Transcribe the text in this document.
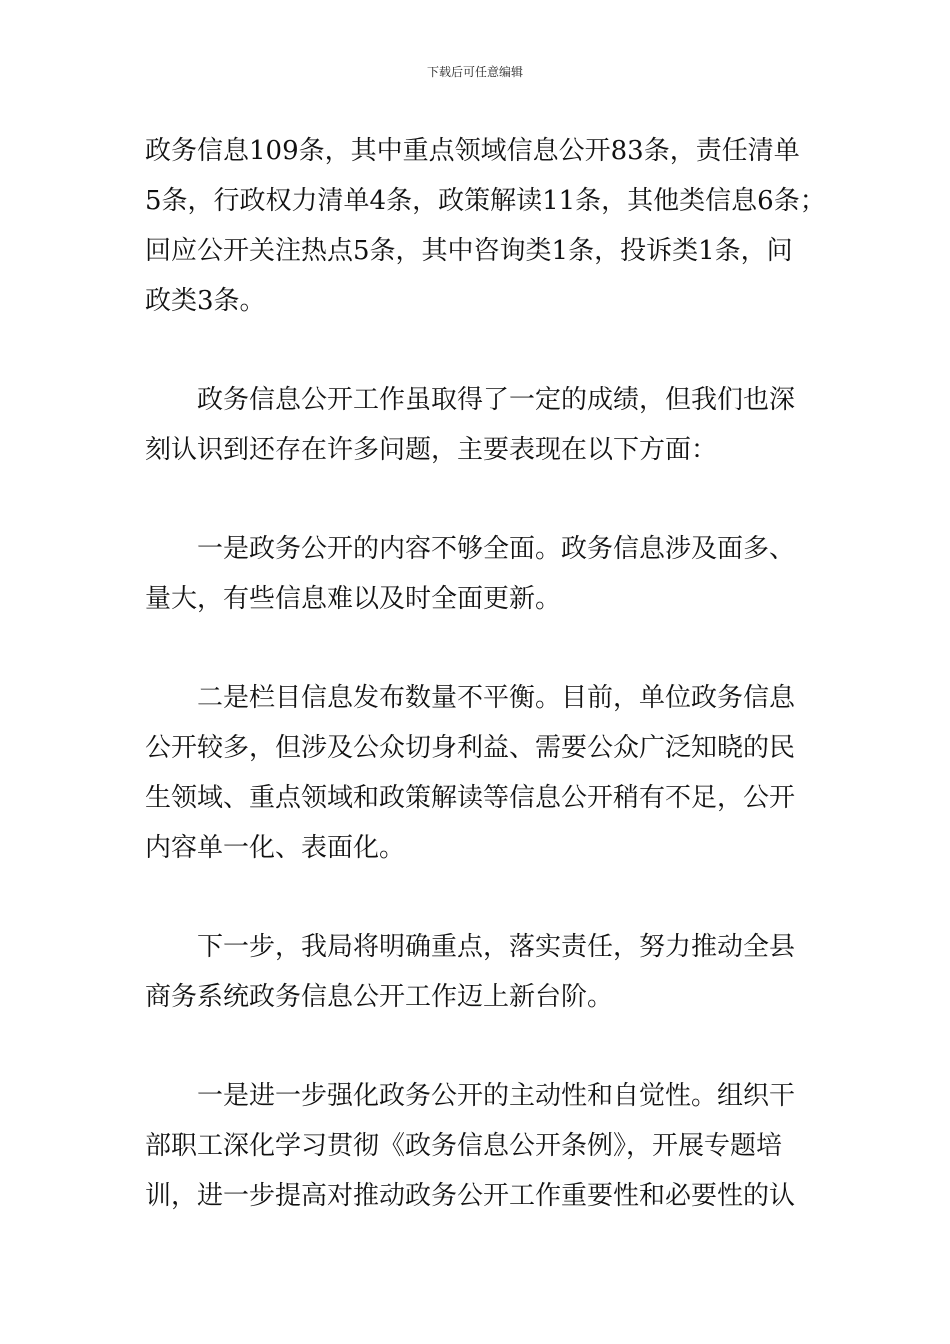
下载后可任意编辑
政务信息109条，其中重点领域信息公开83条，责任清单
5条，行政权力清单4条，政策解读11条，其他类信息6条；
回应公开关注热点5条，其中咨询类1条，投诉类1条，问
政类3条。
政务信息公开工作虽取得了一定的成绩，但我们也深
刻认识到还存在许多问题，主要表现在以下方面：
一是政务公开的内容不够全面。政务信息涉及面多、
量大，有些信息难以及时全面更新。
二是栏目信息发布数量不平衡。目前，单位政务信息
公开较多，但涉及公众切身利益、需要公众广泛知晓的民
生领域、重点领域和政策解读等信息公开稍有不足，公开
内容单一化、表面化。
下一步，我局将明确重点，落实责任，努力推动全县
商务系统政务信息公开工作迈上新台阶。
一是进一步强化政务公开的主动性和自觉性。组织干
部职工深化学习贯彻《政务信息公开条例》，开展专题培
训，进一步提高对推动政务公开工作重要性和必要性的认
